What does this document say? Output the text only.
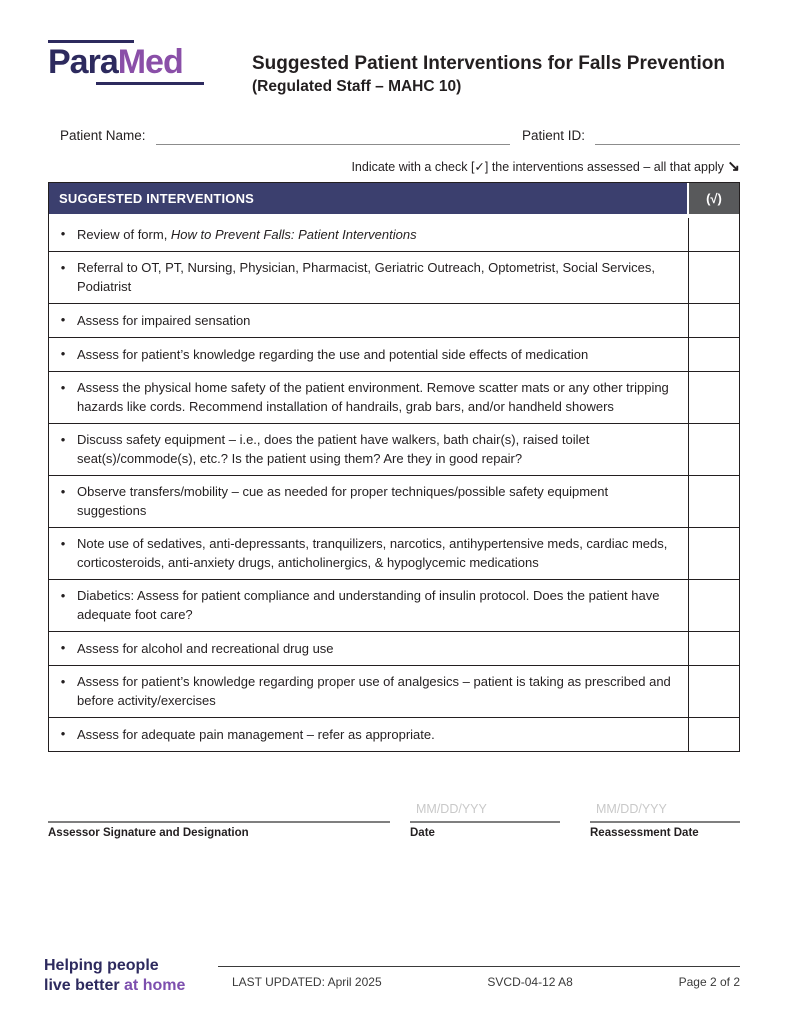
ParaMed	Suggested Patient Interventions for Falls Prevention
(Regulated Staff – MAHC 10)
Patient Name:	Patient ID:
Indicate with a check [✓] the interventions assessed – all that apply ↘
SUGGESTED INTERVENTIONS	(√)
• Review of form, How to Prevent Falls: Patient Interventions
• Referral to OT, PT, Nursing, Physician, Pharmacist, Geriatric Outreach, Optometrist, Social Services, Podiatrist
• Assess for impaired sensation
• Assess for patient’s knowledge regarding the use and potential side effects of medication
• Assess the physical home safety of the patient environment. Remove scatter mats or any other tripping hazards like cords. Recommend installation of handrails, grab bars, and/or handheld showers
• Discuss safety equipment – i.e., does the patient have walkers, bath chair(s), raised toilet seat(s)/commode(s), etc.? Is the patient using them? Are they in good repair?
• Observe transfers/mobility – cue as needed for proper techniques/possible safety equipment suggestions
• Note use of sedatives, anti-depressants, tranquilizers, narcotics, antihypertensive meds, cardiac meds, corticosteroids, anti-anxiety drugs, anticholinergics, & hypoglycemic medications
• Diabetics: Assess for patient compliance and understanding of insulin protocol. Does the patient have adequate foot care?
• Assess for alcohol and recreational drug use
• Assess for patient’s knowledge regarding proper use of analgesics – patient is taking as prescribed and before activity/exercises
• Assess for adequate pain management – refer as appropriate.
Assessor Signature and Designation
MM/DD/YYY
Date
MM/DD/YYY
Reassessment Date
Helping people
live better at home	LAST UPDATED: April 2025	SVCD-04-12 A8	Page 2 of 2
